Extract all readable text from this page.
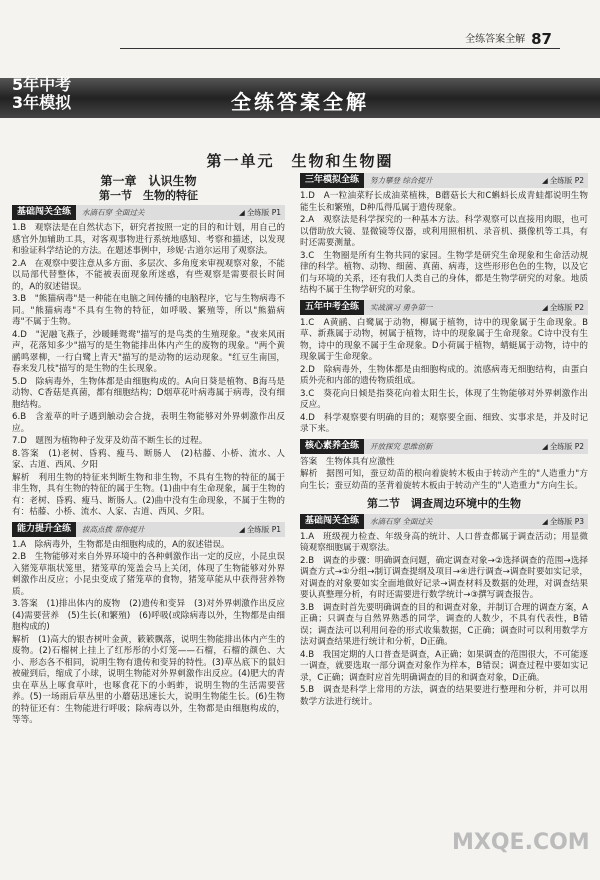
全练答案全解 87
5年中考
3年模拟	全练答案全解
第一单元　生物和生物圈
第一章　认识生物
第一节　生物的特征
基础闯关全练	水滴石穿 全面过关	◢ 全练版 P1

1.B　观察法是在自然状态下，研究者按照一定的目的和计划，用自己的感官外加辅助工具，对客观事物进行系统地感知、考察和描述，以发现和验证科学结论的方法。在题述事例中，珍妮·古道尔运用了观察法。

2.A　在观察中要注意从多方面、多层次、多角度来审视观察对象，不能以局部代替整体，不能被表面现象所迷惑，有些观察是需要很长时间的，A的叙述错误。

3.B　"熊猫病毒"是一种能在电脑之间传播的电脑程序，它与生物病毒不同。"熊猫病毒"不具有生物的特征，如呼吸、繁殖等，所以"熊猫病毒"不属于生物。

4.D　"泥融飞燕子，沙暖睡鸳鸯"描写的是鸟类的生殖现象。"夜来风雨声，花落知多少"描写的是生物能排出体内产生的废物的现象。"两个黄鹂鸣翠柳，一行白鹭上青天"描写的是动物的运动现象。"红豆生南国，春来发几枝"描写的是生物的生长现象。

5.D　除病毒外，生物体都是由细胞构成的。A向日葵是植物、B海马是动物、C香菇是真菌，都有细胞结构；D烟草花叶病毒属于病毒，没有细胞结构。

6.B　含羞草的叶子遇到触动会合拢，表明生物能够对外界刺激作出反应。

7.D　题图为植物种子发芽及幼苗不断生长的过程。

8.答案　(1)老树、昏鸦、瘦马、断肠人　(2)枯藤、小桥、流水、人家、古道、西风、夕阳

解析　利用生物的特征来判断生物和非生物，不具有生物的特征的属于非生物，具有生物的特征的属于生物。(1)曲中有生命现象，属于生物的有：老树、昏鸦、瘦马、断肠人。(2)曲中没有生命现象，不属于生物的有：枯藤、小桥、流水、人家、古道、西风、夕阳。

能力提升全练	拔高点拨 帮你提升	◢ 全练版 P1

1.A　除病毒外，生物都是由细胞构成的，A的叙述错误。

2.B　生物能够对来自外界环境中的各种刺激作出一定的反应，小昆虫误入猪笼草瓶状笼里，猪笼草的笼盖会马上关闭，体现了生物能够对外界刺激作出反应；小昆虫变成了猪笼草的食物，猪笼草能从中获得营养物质。

3.答案　(1)排出体内的废物　(2)遗传和变异　(3)对外界刺激作出反应　(4)需要营养　(5)生长(和繁殖)　(6)呼吸(或除病毒以外，生物都是由细胞构成的)

解析　(1)高大的银杏树叶金黄，簌簌飘落，说明生物能排出体内产生的废物。(2)石榴树上挂上了红彤彤的小灯笼——石榴，石榴的颜色、大小、形态各不相同，说明生物有遗传和变异的特性。(3)草丛底下的鼠妇被碰到后，缩成了小球，说明生物能对外界刺激作出反应。(4)肥大的青虫在草丛上啄食草叶，也啄食花下的小蚂蚱，说明生物的生活需要营养。(5)一场雨后草丛里的小蘑菇迅速长大，说明生物能生长。(6)生物的特征还有：生物能进行呼吸；除病毒以外，生物都是由细胞构成的，等等。

三年模拟全练	努力攀登 综合提升	◢ 全练版 P2

1.D　A一粒油菜籽长成油菜植株，B蘑菇长大和C蝌蚪长成青蛙都说明生物能生长和繁殖，D种瓜得瓜属于遗传现象。

2.A　观察法是科学探究的一种基本方法。科学观察可以直接用肉眼，也可以借助放大镜、显微镜等仪器，或利用照相机、录音机、摄像机等工具，有时还需要测量。

3.C　生物圈是所有生物共同的家园。生物学是研究生命现象和生命活动规律的科学。植物、动物、细菌、真菌、病毒，这些形形色色的生物，以及它们与环境的关系，还有我们人类自己的身体，都是生物学研究的对象。地质结构不属于生物学研究的对象。

五年中考全练	实战演习 勇争第一	◢ 全练版 P2

1.C　A黄鹂、白鹭属于动物，柳属于植物，诗中的现象属于生命现象。B草、新燕属于动物，树属于植物，诗中的现象属于生命现象。C诗中没有生物，诗中的现象不属于生命现象。D小荷属于植物，蜻蜓属于动物，诗中的现象属于生命现象。

2.D　除病毒外，生物体都是由细胞构成的。流感病毒无细胞结构，由蛋白质外壳和内部的遗传物质组成。

3.C　葵花向日倾是指葵花向着太阳生长，体现了生物能够对外界刺激作出反应。

4.D　科学观察要有明确的目的；观察要全面、细致、实事求是，并及时记录下来。

核心素养全练	开放探究 思维创新	◢ 全练版 P2

答案　生物体具有应激性

解析　据图可知，蚕豆幼苗的根向着旋转木板由于转动产生的"人造重力"方向生长；蚕豆幼苗的茎背着旋转木板由于转动产生的"人造重力"方向生长。

第二节　调查周边环境中的生物
基础闯关全练	水滴石穿 全面过关	◢ 全练版 P3

1.A　班级视力检查、年级身高的统计、人口普查都属于调查活动；用显微镜观察细胞属于观察法。

2.B　调查的步骤：明确调查问题，确定调查对象→②选择调查的范围→选择调查方式→①分组→制订调查提纲及项目→④进行调查→调查时要如实记录，对调查的对象要如实全面地做好记录→调查材料及数据的处理，对调查结果要认真整理分析，有时还需要进行数学统计→③撰写调查报告。

3.B　调查时首先要明确调查的目的和调查对象，并制订合理的调查方案，A正确；只调查与自然界熟悉的同学，调查的人数少，不具有代表性，B错误；调查法可以利用问卷的形式收集数据，C正确；调查时可以利用数学方法对调查结果进行统计和分析，D正确。

4.B　我国定期的人口普查是调查，A正确；如果调查的范围很大，不可能逐一调查，就要选取一部分调查对象作为样本，B错误；调查过程中要如实记录，C正确；调查时应首先明确调查的目的和调查对象，D正确。

5.B　调查是科学上常用的方法，调查的结果要进行整理和分析，并可以用数学方法进行统计。

MXQE.COM
